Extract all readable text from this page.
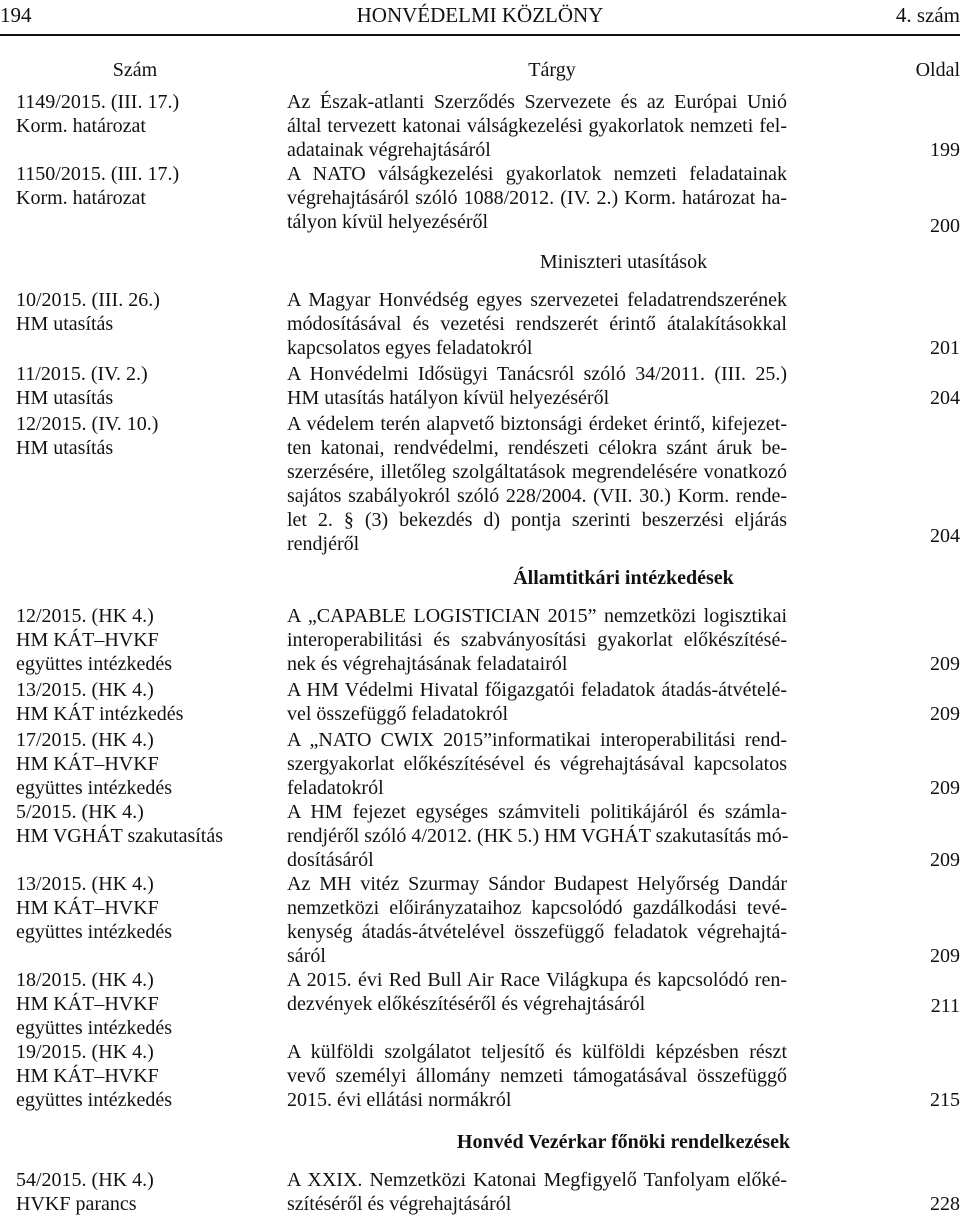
194	HONVÉDELMI KÖZLÖNY	4. szám
Szám	Tárgy	Oldal
Miniszteri utasítások
Államtitkári intézkedések
Honvéd Vezérkar főnöki rendelkezések
1149/2015. (III. 17.)
Korm. határozat
Az Észak-atlanti Szerződés Szervezete és az Európai Unió
által tervezett katonai válságkezelési gyakorlatok nemzeti fel-
adatainak végrehajtásáról	199
1150/2015. (III. 17.)
Korm. határozat
A NATO válságkezelési gyakorlatok nemzeti feladatainak
végrehajtásáról szóló 1088/2012. (IV. 2.) Korm. határozat ha-
tályon kívül helyezéséről	200
10/2015. (III. 26.)
HM utasítás
A Magyar Honvédség egyes szervezetei feladatrendszerének
módosításával és vezetési rendszerét érintő átalakításokkal
kapcsolatos egyes feladatokról	201
11/2015. (IV. 2.)
HM utasítás
A Honvédelmi Idősügyi Tanácsról szóló 34/2011. (III. 25.)
HM utasítás hatályon kívül helyezéséről	204
12/2015. (IV. 10.)
HM utasítás
A védelem terén alapvető biztonsági érdeket érintő, kifejezet-
ten katonai, rendvédelmi, rendészeti célokra szánt áruk be-
szerzésére, illetőleg szolgáltatások megrendelésére vonatkozó
sajátos szabályokról szóló 228/2004. (VII. 30.) Korm. rende-
let 2. § (3) bekezdés d) pontja szerinti beszerzési eljárás
rendjéről	204
12/2015. (HK 4.)
HM KÁT–HVKF
együttes intézkedés
A „CAPABLE LOGISTICIAN 2015” nemzetközi logisztikai
interoperabilitási és szabványosítási gyakorlat előkészítésé-
nek és végrehajtásának feladatairól	209
13/2015. (HK 4.)
HM KÁT intézkedés
A HM Védelmi Hivatal főigazgatói feladatok átadás-átvételé-
vel összefüggő feladatokról	209
17/2015. (HK 4.)
HM KÁT–HVKF
együttes intézkedés
A „NATO CWIX 2015”informatikai interoperabilitási rend-
szergyakorlat előkészítésével és végrehajtásával kapcsolatos
feladatokról	209
5/2015. (HK 4.)
HM VGHÁT szakutasítás
A HM fejezet egységes számviteli politikájáról és számla-
rendjéről szóló 4/2012. (HK 5.) HM VGHÁT szakutasítás mó-
dosításáról	209
13/2015. (HK 4.)
HM KÁT–HVKF
együttes intézkedés
Az MH vitéz Szurmay Sándor Budapest Helyőrség Dandár
nemzetközi előirányzataihoz kapcsolódó gazdálkodási tevé-
kenység átadás-átvételével összefüggő feladatok végrehajtá-
sáról	209
18/2015. (HK 4.)
HM KÁT–HVKF
együttes intézkedés
A 2015. évi Red Bull Air Race Világkupa és kapcsolódó ren-
dezvények előkészítéséről és végrehajtásáról	211
19/2015. (HK 4.)
HM KÁT–HVKF
együttes intézkedés
A külföldi szolgálatot teljesítő és külföldi képzésben részt
vevő személyi állomány nemzeti támogatásával összefüggő
2015. évi ellátási normákról	215
54/2015. (HK 4.)
HVKF parancs
A XXIX. Nemzetközi Katonai Megfigyelő Tanfolyam előké-
szítéséről és végrehajtásáról	228
